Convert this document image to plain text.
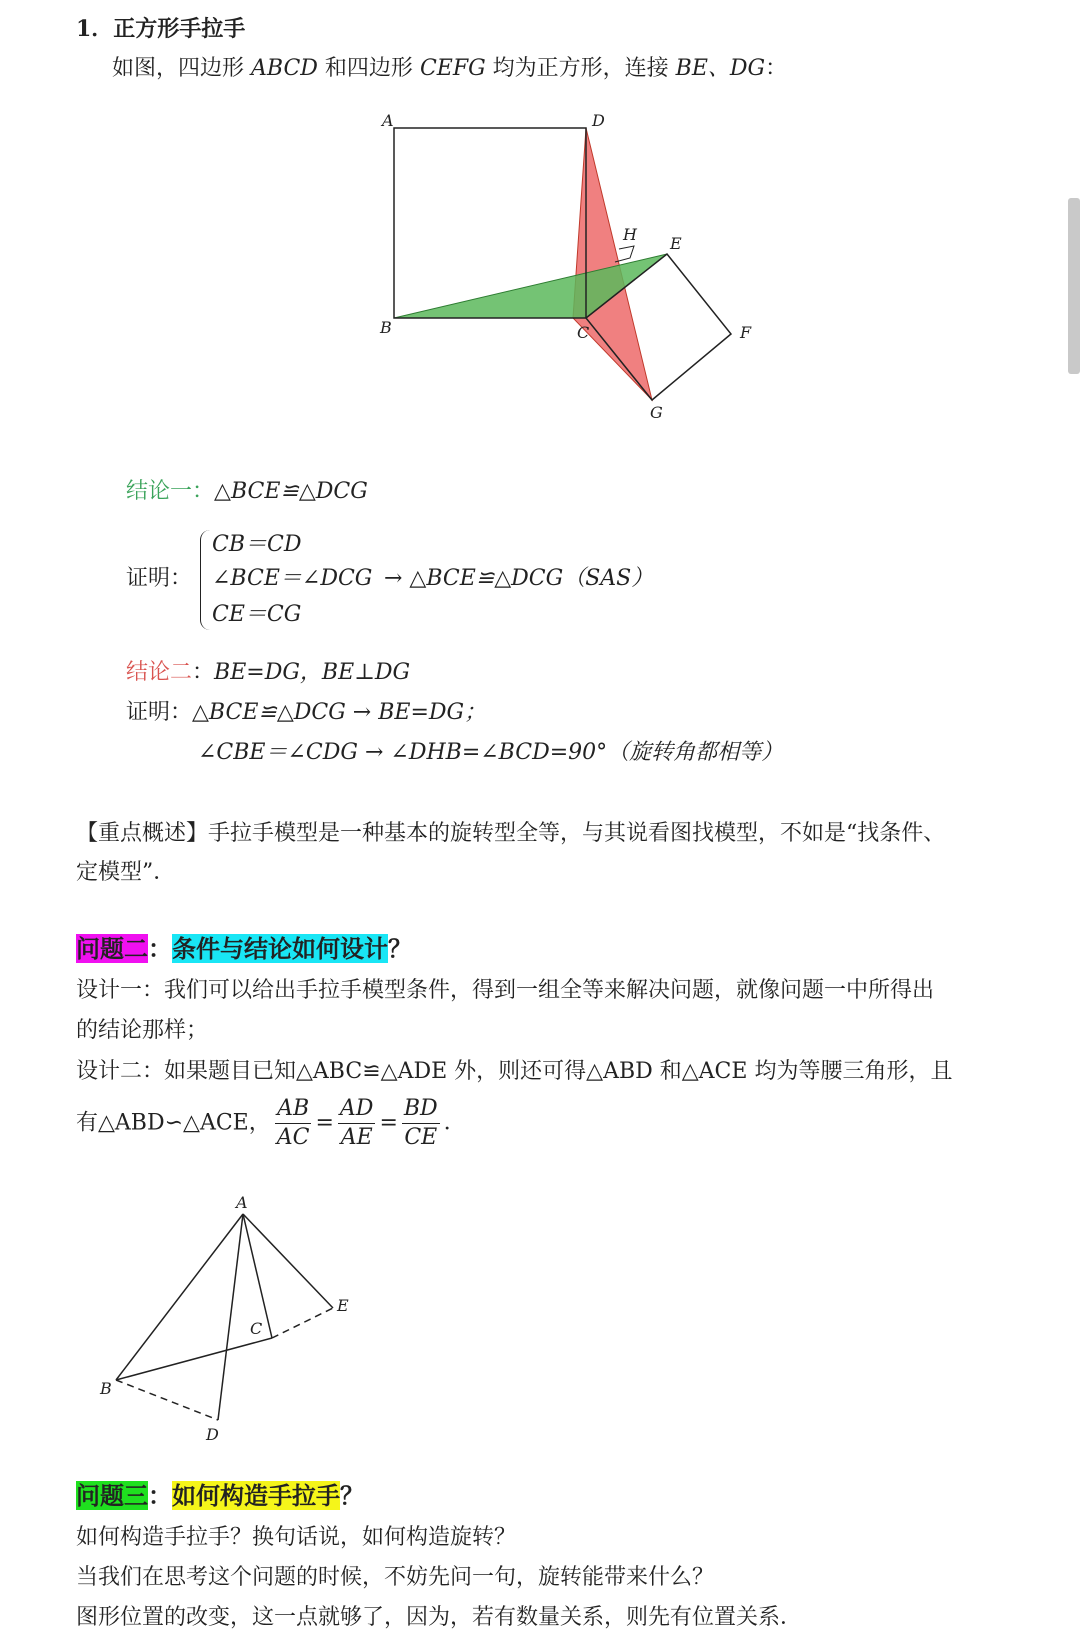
1．正方形手拉手
如图，四边形 ABCD 和四边形 CEFG 均为正方形，连接 BE、DG：
A	D
B	C
H E
F
G
结论一：△BCE≌△DCG
证明：
CB＝CD
∠BCE＝∠DCG
CE＝CG
→ △BCE≌△DCG（SAS）
结论二：BE=DG，BE⊥DG
证明：△BCE≌△DCG → BE=DG；
∠CBE＝∠CDG → ∠DHB=∠BCD=90°（旋转角都相等）
【重点概述】手拉手模型是一种基本的旋转型全等，与其说看图找模型，不如是“找条件、
定模型”．
问题二：条件与结论如何设计？
设计一：我们可以给出手拉手模型条件，得到一组全等来解决问题，就像问题一中所得出
的结论那样；
设计二：如果题目已知△ABC≌△ADE 外，则还可得△ABD 和△ACE 均为等腰三角形，且
有△ABD∽△ACE， $\frac{AB}{AC} = \frac{AD}{AE} = \frac{BD}{CE}$ ．
A
B
C
D
E
问题三：如何构造手拉手？
如何构造手拉手？换句话说，如何构造旋转？
当我们在思考这个问题的时候，不妨先问一句，旋转能带来什么？
图形位置的改变，这一点就够了，因为，若有数量关系，则先有位置关系．
